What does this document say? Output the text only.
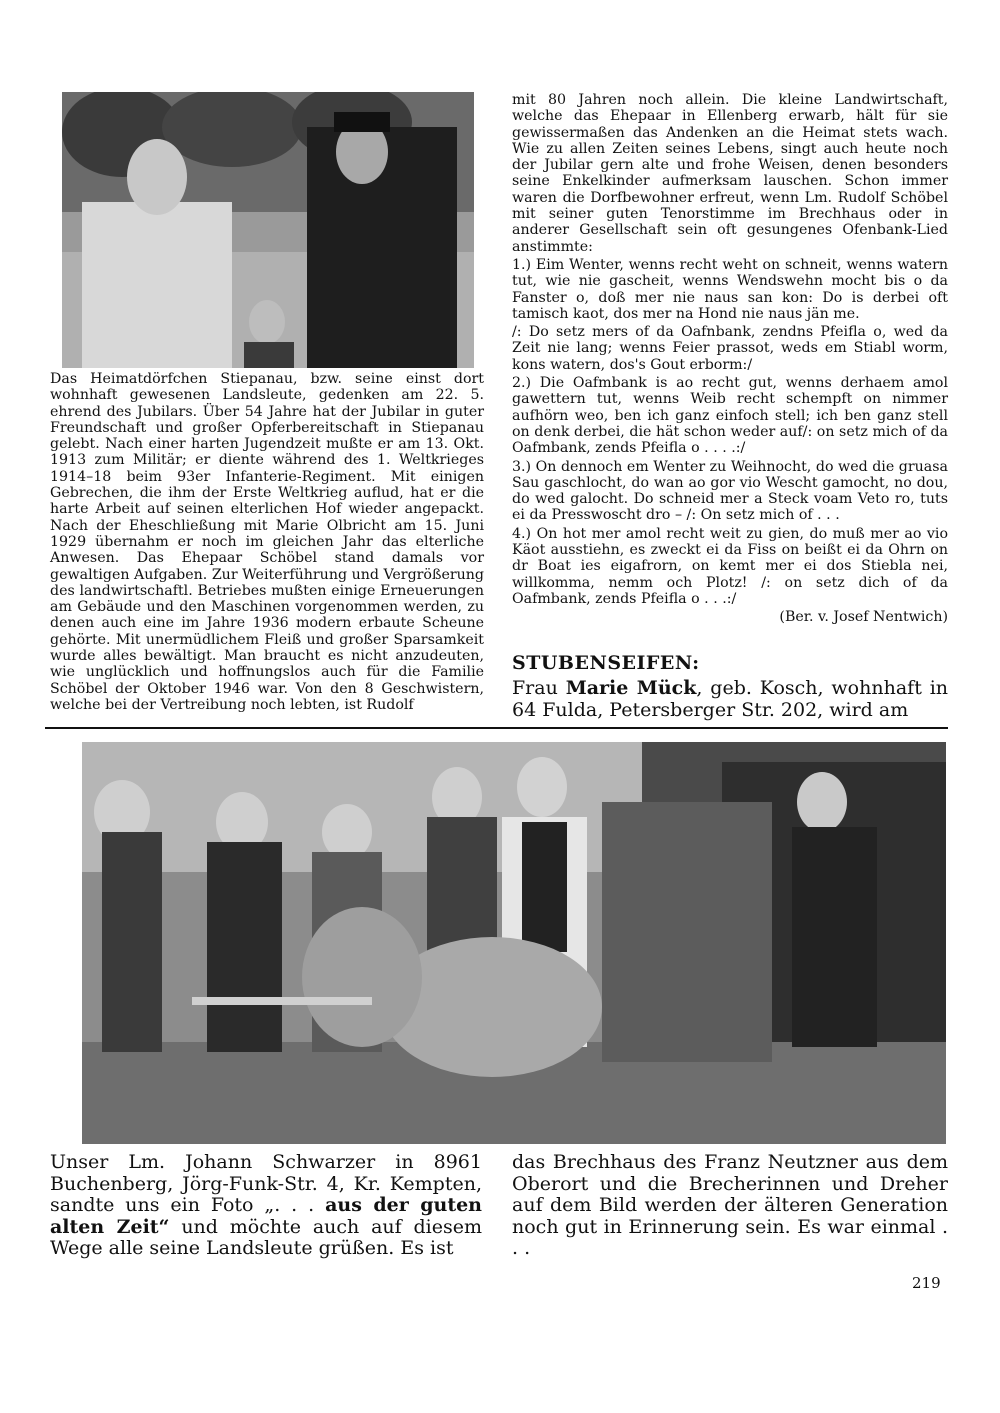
Das Heimatdörfchen Stiepanau, bzw. seine einst dort wohnhaft gewesenen Landsleute, gedenken am 22. 5. ehrend des Jubilars. Über 54 Jahre hat der Jubilar in guter Freundschaft und großer Opferbereitschaft in Stiepanau gelebt. Nach einer harten Jugendzeit mußte er am 13. Okt. 1913 zum Militär; er diente während des 1. Weltkrieges 1914–18 beim 93er Infanterie-Regiment. Mit einigen Gebrechen, die ihm der Erste Weltkrieg auflud, hat er die harte Arbeit auf seinen elterlichen Hof wieder angepackt. Nach der Eheschließung mit Marie Olbricht am 15. Juni 1929 übernahm er noch im gleichen Jahr das elterliche Anwesen. Das Ehepaar Schöbel stand damals vor gewaltigen Aufgaben. Zur Weiterführung und Vergrößerung des landwirtschaftl. Betriebes mußten einige Erneuerungen am Gebäude und den Maschinen vorgenommen werden, zu denen auch eine im Jahre 1936 modern erbaute Scheune gehörte. Mit unermüdlichem Fleiß und großer Sparsamkeit wurde alles bewältigt. Man braucht es nicht anzudeuten, wie unglücklich und hoffnungslos auch für die Familie Schöbel der Oktober 1946 war. Von den 8 Geschwistern, welche bei der Vertreibung noch lebten, ist Rudolf

mit 80 Jahren noch allein. Die kleine Landwirtschaft, welche das Ehepaar in Ellenberg erwarb, hält für sie gewissermaßen das Andenken an die Heimat stets wach. Wie zu allen Zeiten seines Lebens, singt auch heute noch der Jubilar gern alte und frohe Weisen, denen besonders seine Enkelkinder aufmerksam lauschen. Schon immer waren die Dorfbewohner erfreut, wenn Lm. Rudolf Schöbel mit seiner guten Tenorstimme im Brechhaus oder in anderer Gesellschaft sein oft gesungenes Ofenbank-Lied anstimmte:

1.) Eim Wenter, wenns recht weht on schneit, wenns watern tut, wie nie gascheit, wenns Wendswehn mocht bis o da Fanster o, doß mer nie naus san kon: Do is derbei oft tamisch kaot, dos mer na Hond nie naus jän me.

/: Do setz mers of da Oafnbank, zendns Pfeifla o, wed da Zeit nie lang; wenns Feier prassot, weds em Stiabl worm, kons watern, dos's Gout erborm:/

2.) Die Oafmbank is ao recht gut, wenns derhaem amol gawettern tut, wenns Weib recht schempft on nimmer aufhörn weo, ben ich ganz einfoch stell; ich ben ganz stell on denk derbei, die hät schon weder auf/: on setz mich of da Oafmbank, zends Pfeifla o . . . .:/

3.) On dennoch em Wenter zu Weihnocht, do wed die gruasa Sau gaschlocht, do wan ao gor vio Wescht gamocht, no dou, do wed galocht. Do schneid mer a Steck voam Veto ro, tuts ei da Presswoscht dro – /: On setz mich of . . .

4.) On hot mer amol recht weit zu gien, do muß mer ao vio Käot ausstiehn, es zweckt ei da Fiss on beißt ei da Ohrn on dr Boat ies eigafrorn, on kemt mer ei dos Stiebla nei, willkomma, nemm och Plotz! /: on setz dich of da Oafmbank, zends Pfeifla o . . .:/

(Ber. v. Josef Nentwich)

STUBENSEIFEN:

Frau Marie Mück, geb. Kosch, wohnhaft in 64 Fulda, Petersberger Str. 202, wird am

Unser Lm. Johann Schwarzer in 8961 Buchenberg, Jörg-Funk-Str. 4, Kr. Kempten, sandte uns ein Foto „. . . aus der guten alten Zeit“ und möchte auch auf diesem Wege alle seine Landsleute grüßen. Es ist

das Brechhaus des Franz Neutzner aus dem Oberort und die Brecherinnen und Dreher auf dem Bild werden der älteren Generation noch gut in Erinnerung sein. Es war einmal . . .

219
